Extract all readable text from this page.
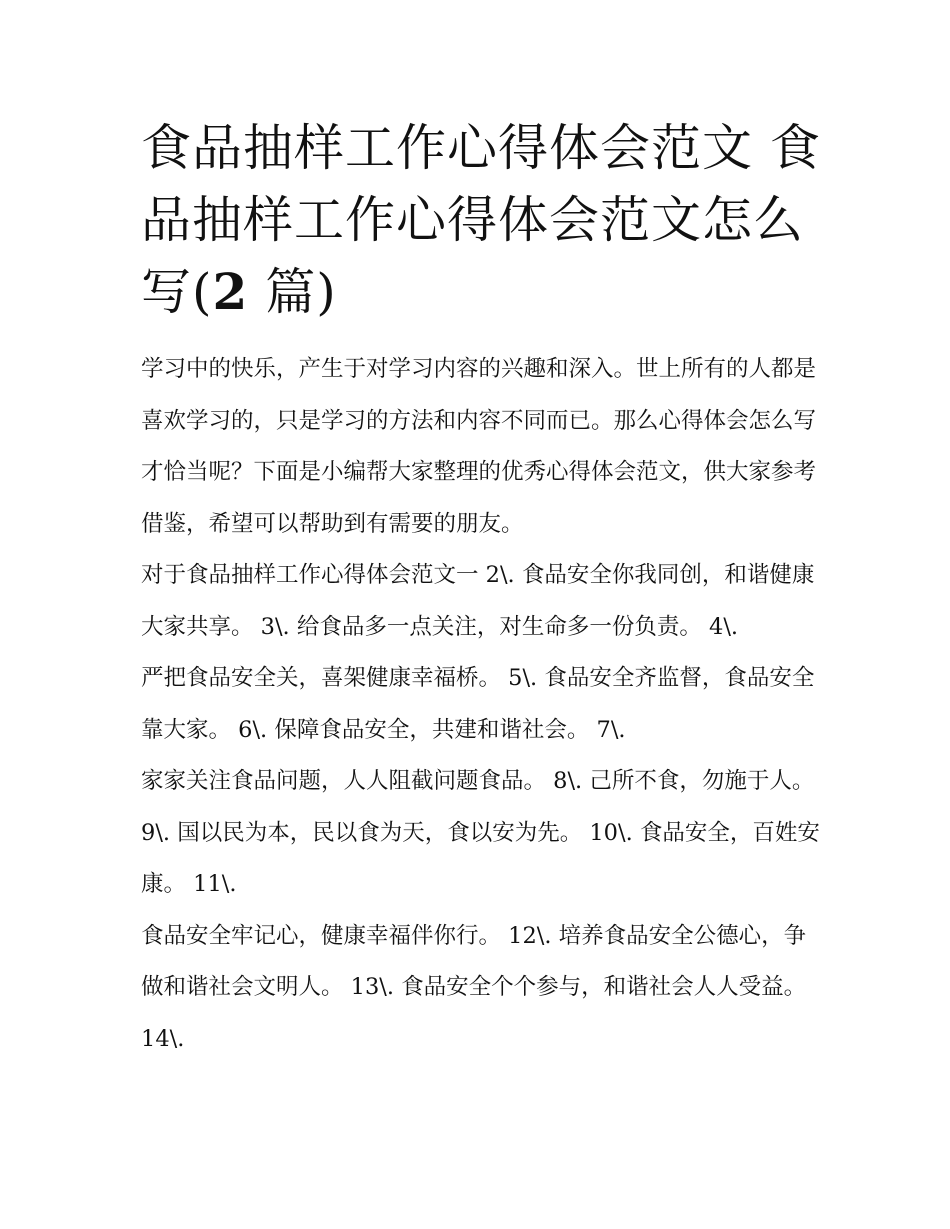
食品抽样工作心得体会范文 食
品抽样工作心得体会范文怎么
写(2 篇)

学习中的快乐，产生于对学习内容的兴趣和深入。世上所有的人都是喜欢学习的，只是学习的方法和内容不同而已。那么心得体会怎么写才恰当呢？下面是小编帮大家整理的优秀心得体会范文，供大家参考借鉴，希望可以帮助到有需要的朋友。

对于食品抽样工作心得体会范文一 2\. 食品安全你我同创，和谐健康大家共享。 3\. 给食品多一点关注，对生命多一份负责。 4\.

严把食品安全关，喜架健康幸福桥。 5\. 食品安全齐监督，食品安全靠大家。 6\. 保障食品安全，共建和谐社会。 7\.

家家关注食品问题，人人阻截问题食品。 8\. 己所不食，勿施于人。 9\. 国以民为本，民以食为天，食以安为先。 10\. 食品安全，百姓安康。 11\.

食品安全牢记心，健康幸福伴你行。 12\. 培养食品安全公德心，争做和谐社会文明人。 13\. 食品安全个个参与，和谐社会人人受益。 14\.
